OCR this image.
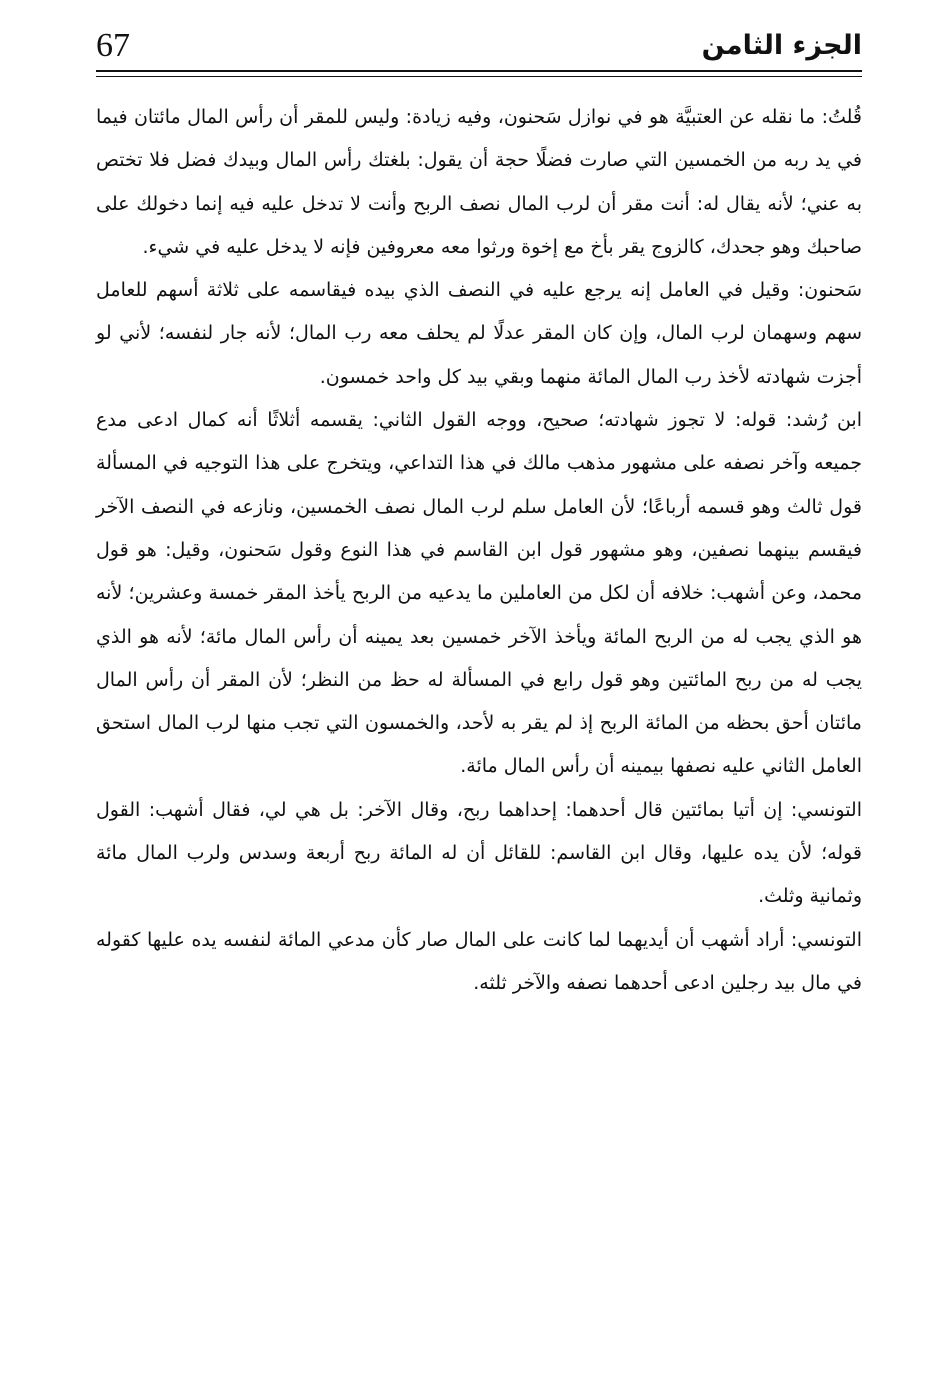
67	الجزء الثامن

قُلتُ: ما نقله عن العتبيَّة هو في نوازل سَحنون، وفيه زيادة: وليس للمقر أن رأس المال مائتان فيما في يد ربه من الخمسين التي صارت فضلًا حجة أن يقول: بلغتك رأس المال وبيدك فضل فلا تختص به عني؛ لأنه يقال له: أنت مقر أن لرب المال نصف الربح وأنت لا تدخل عليه فيه إنما دخولك على صاحبك وهو جحدك، كالزوج يقر بأخ مع إخوة ورثوا معه معروفين فإنه لا يدخل عليه في شيء.

سَحنون: وقيل في العامل إنه يرجع عليه في النصف الذي بيده فيقاسمه على ثلاثة أسهم للعامل سهم وسهمان لرب المال، وإن كان المقر عدلًا لم يحلف معه رب المال؛ لأنه جار لنفسه؛ لأني لو أجزت شهادته لأخذ رب المال المائة منهما وبقي بيد كل واحد خمسون.

ابن رُشد: قوله: لا تجوز شهادته؛ صحيح، ووجه القول الثاني: يقسمه أثلاثًا أنه كمال ادعى مدع جميعه وآخر نصفه على مشهور مذهب مالك في هذا التداعي، ويتخرج على هذا التوجيه في المسألة قول ثالث وهو قسمه أرباعًا؛ لأن العامل سلم لرب المال نصف الخمسين، ونازعه في النصف الآخر فيقسم بينهما نصفين، وهو مشهور قول ابن القاسم في هذا النوع وقول سَحنون، وقيل: هو قول محمد، وعن أشهب: خلافه أن لكل من العاملين ما يدعيه من الربح يأخذ المقر خمسة وعشرين؛ لأنه هو الذي يجب له من الربح المائة ويأخذ الآخر خمسين بعد يمينه أن رأس المال مائة؛ لأنه هو الذي يجب له من ربح المائتين وهو قول رابع في المسألة له حظ من النظر؛ لأن المقر أن رأس المال مائتان أحق بحظه من المائة الربح إذ لم يقر به لأحد، والخمسون التي تجب منها لرب المال استحق العامل الثاني عليه نصفها بيمينه أن رأس المال مائة.

التونسي: إن أتيا بمائتين قال أحدهما: إحداهما ربح، وقال الآخر: بل هي لي، فقال أشهب: القول قوله؛ لأن يده عليها، وقال ابن القاسم: للقائل أن له المائة ربح أربعة وسدس ولرب المال مائة وثمانية وثلث.

التونسي: أراد أشهب أن أيديهما لما كانت على المال صار كأن مدعي المائة لنفسه يده عليها كقوله في مال بيد رجلين ادعى أحدهما نصفه والآخر ثلثه.
